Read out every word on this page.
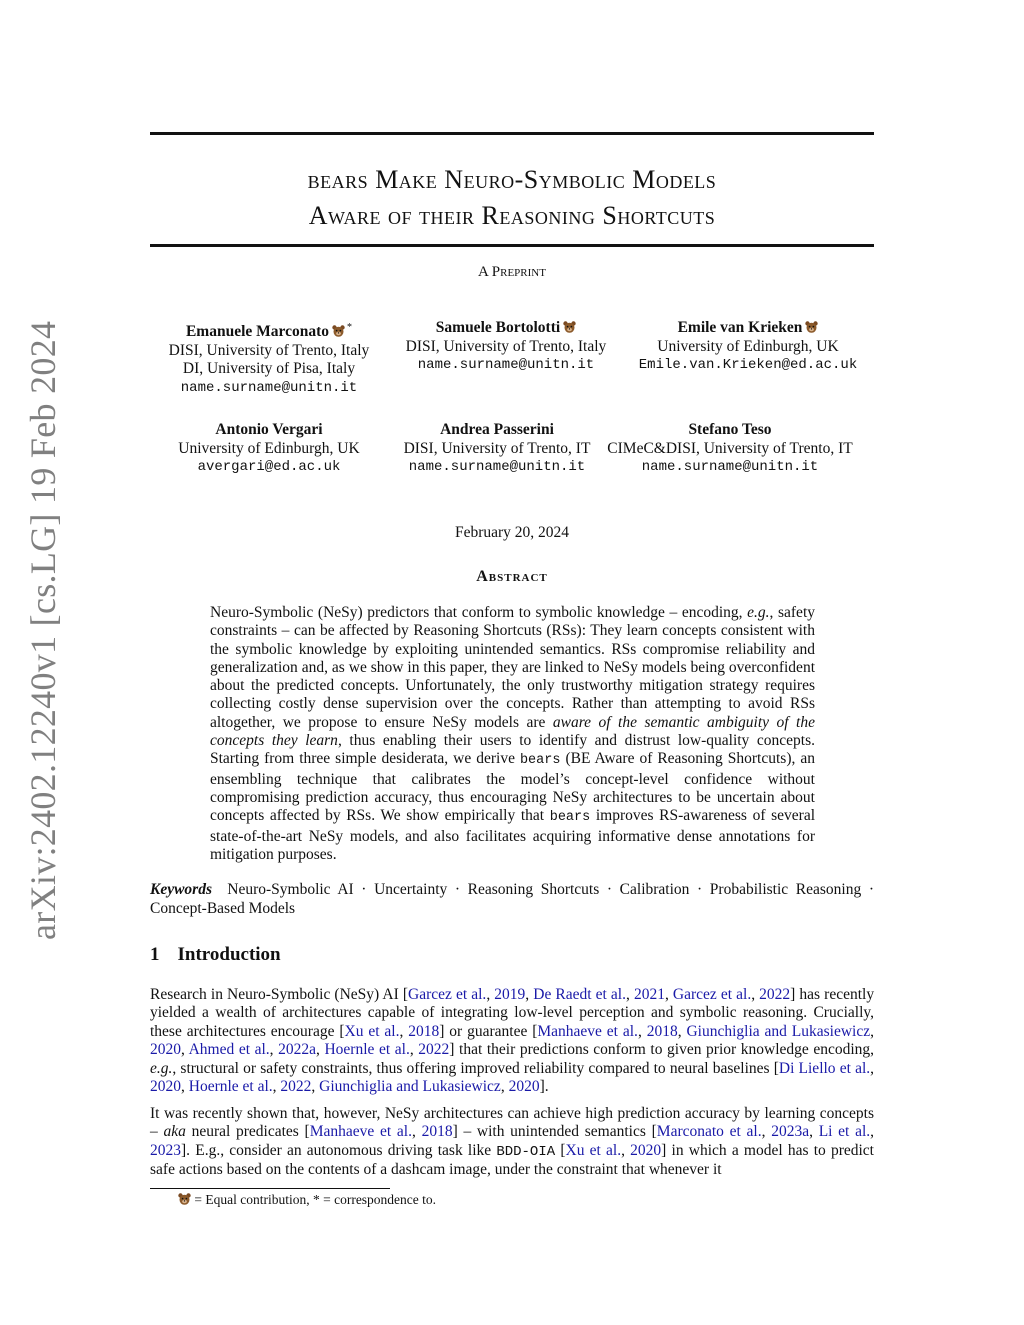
arXiv:2402.12240v1 [cs.LG] 19 Feb 2024
bears Make Neuro-Symbolic Models
Aware of their Reasoning Shortcuts
A Preprint
Emanuele Marconato *
DISI, University of Trento, Italy
DI, University of Pisa, Italy
name.surname@unitn.it
Samuele Bortolotti
DISI, University of Trento, Italy
name.surname@unitn.it
Emile van Krieken
University of Edinburgh, UK
Emile.van.Krieken@ed.ac.uk
Antonio Vergari
University of Edinburgh, UK
avergari@ed.ac.uk
Andrea Passerini
DISI, University of Trento, IT
name.surname@unitn.it
Stefano Teso
CIMeC&DISI, University of Trento, IT
name.surname@unitn.it
February 20, 2024
Abstract
Neuro-Symbolic (NeSy) predictors that conform to symbolic knowledge – encoding, e.g., safety constraints – can be affected by Reasoning Shortcuts (RSs): They learn concepts consistent with the symbolic knowledge by exploiting unintended semantics. RSs compromise reliability and generalization and, as we show in this paper, they are linked to NeSy models being overconfident about the predicted concepts. Unfortunately, the only trustworthy mitigation strategy requires collecting costly dense supervision over the concepts. Rather than attempting to avoid RSs altogether, we propose to ensure NeSy models are aware of the semantic ambiguity of the concepts they learn, thus enabling their users to identify and distrust low-quality concepts. Starting from three simple desiderata, we derive bears (BE Aware of Reasoning Shortcuts), an ensembling technique that calibrates the model’s concept-level confidence without compromising prediction accuracy, thus encouraging NeSy architectures to be uncertain about concepts affected by RSs. We show empirically that bears improves RS-awareness of several state-of-the-art NeSy models, and also facilitates acquiring informative dense annotations for mitigation purposes.
Keywords Neuro-Symbolic AI · Uncertainty · Reasoning Shortcuts · Calibration · Probabilistic Reasoning · Concept-Based Models
1 Introduction
Research in Neuro-Symbolic (NeSy) AI [Garcez et al., 2019, De Raedt et al., 2021, Garcez et al., 2022] has recently yielded a wealth of architectures capable of integrating low-level perception and symbolic reasoning. Crucially, these architectures encourage [Xu et al., 2018] or guarantee [Manhaeve et al., 2018, Giunchiglia and Lukasiewicz, 2020, Ahmed et al., 2022a, Hoernle et al., 2022] that their predictions conform to given prior knowledge encoding, e.g., structural or safety constraints, thus offering improved reliability compared to neural baselines [Di Liello et al., 2020, Hoernle et al., 2022, Giunchiglia and Lukasiewicz, 2020].
It was recently shown that, however, NeSy architectures can achieve high prediction accuracy by learning concepts – aka neural predicates [Manhaeve et al., 2018] – with unintended semantics [Marconato et al., 2023a, Li et al., 2023]. E.g., consider an autonomous driving task like BDD-OIA [Xu et al., 2020] in which a model has to predict safe actions based on the contents of a dashcam image, under the constraint that whenever it
= Equal contribution, * = correspondence to.
